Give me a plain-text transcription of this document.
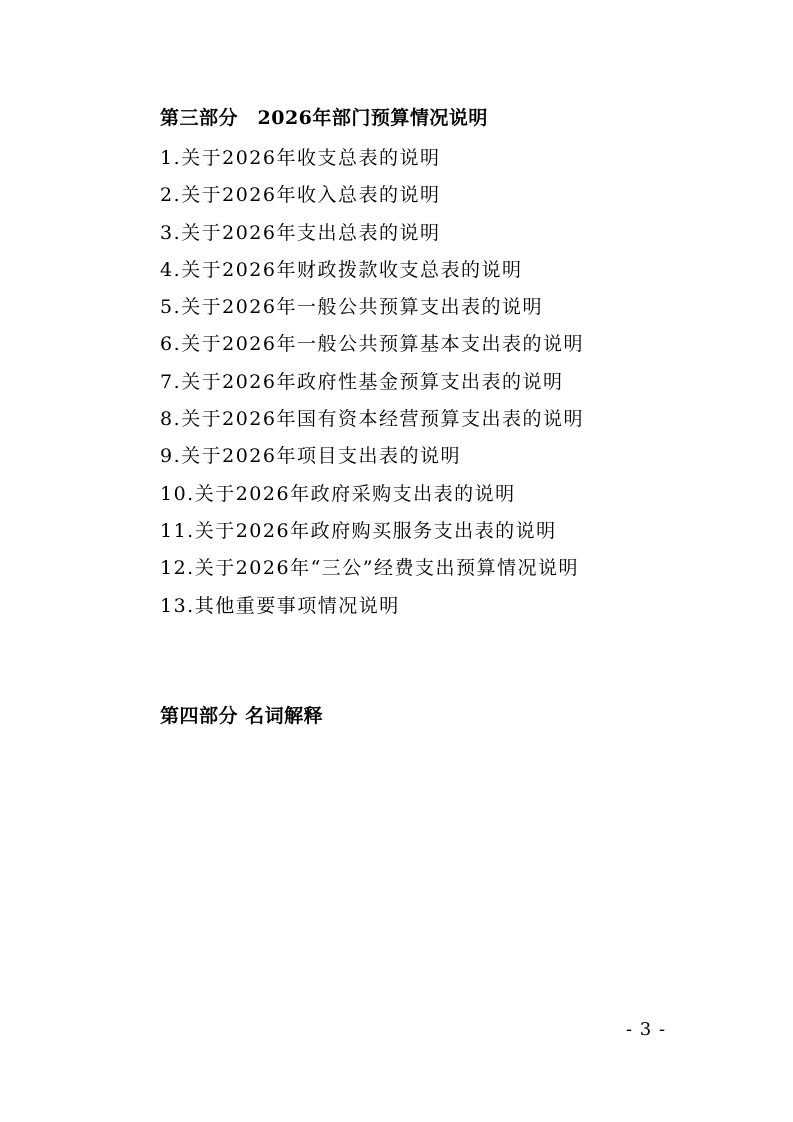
第三部分　2026年部门预算情况说明
1.关于2026年收支总表的说明
2.关于2026年收入总表的说明
3.关于2026年支出总表的说明
4.关于2026年财政拨款收支总表的说明
5.关于2026年一般公共预算支出表的说明
6.关于2026年一般公共预算基本支出表的说明
7.关于2026年政府性基金预算支出表的说明
8.关于2026年国有资本经营预算支出表的说明
9.关于2026年项目支出表的说明
10.关于2026年政府采购支出表的说明
11.关于2026年政府购买服务支出表的说明
12.关于2026年“三公”经费支出预算情况说明
13.其他重要事项情况说明
第四部分 名词解释
- 3 -
